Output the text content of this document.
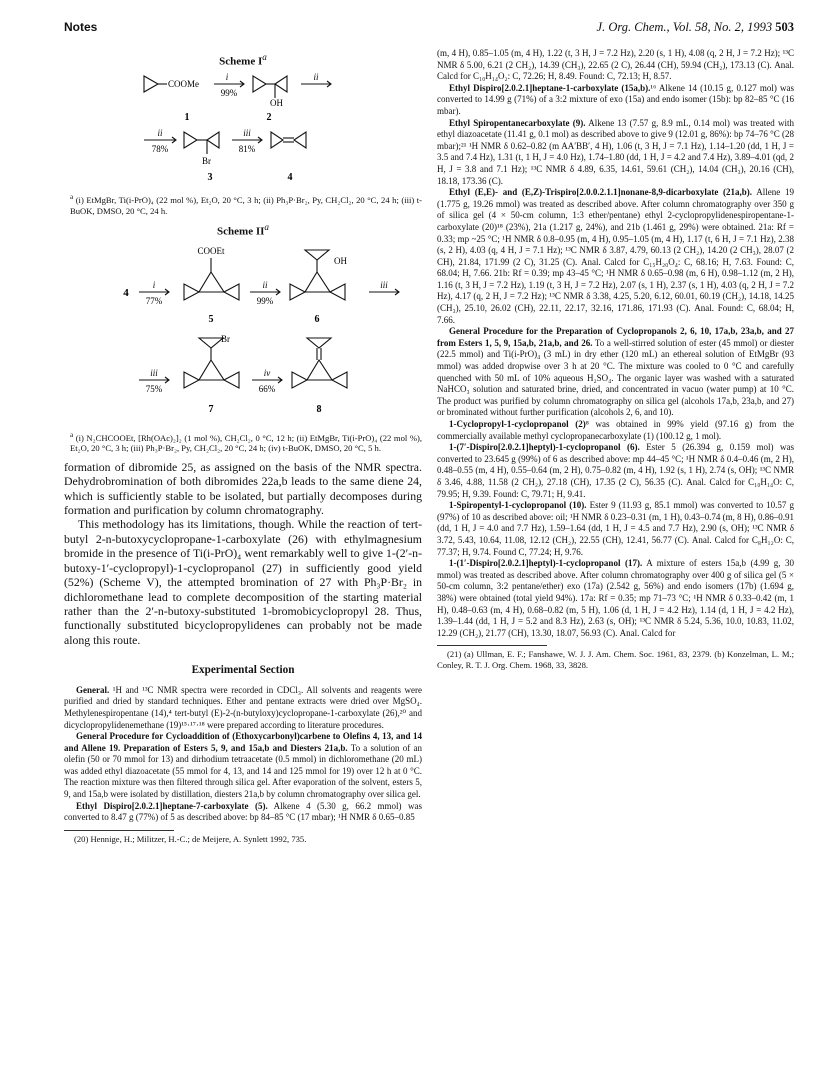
Notes	J. Org. Chem., Vol. 58, No. 2, 1993 503
Scheme $I^a$
COOMe
i
99%
OH
ii
1	2
ii
78%
Br
iii
81%
3	4
$^a$ (i) EtMgBr, Ti(i-PrO)₄ (22 mol %), Et₂O, 20 °C, 3 h; (ii) Ph₃P·Br₂, Py, CH₂Cl₂, 20 °C, 24 h; (iii) t-BuOK, DMSO, 20 °C, 24 h.
Scheme $II^a$
COOEt
OH
Br
4
i
77%
ii
99%
iii
5	6
iii
75%
iv
66%
7	8
$^a$ (i) N₂CHCOOEt, [Rh(OAc)₂]₂ (1 mol %), CH₂Cl₂, 0 °C, 12 h; (ii) EtMgBr, Ti(i-PrO)₄ (22 mol %), Et₂O, 20 °C, 3 h; (iii) Ph₃P·Br₂, Py, CH₂Cl₂, 20 °C, 24 h; (iv) t-BuOK, DMSO, 20 °C, 5 h.

formation of dibromide 25, as assigned on the basis of the NMR spectra. Dehydrobromination of both dibromides 22a,b leads to the same diene 24, which is sufficiently stable to be isolated, but partially decomposes during formation and purification by column chromatography.

This methodology has its limitations, though. While the reaction of tert-butyl 2-n-butoxycyclopropane-1-carboxylate (26) with ethylmagnesium bromide in the presence of Ti(i-PrO)₄ went remarkably well to give 1-(2′-n-butoxy-1′-cyclopropyl)-1-cyclopropanol (27) in sufficiently good yield (52%) (Scheme V), the attempted bromination of 27 with Ph₃P·Br₂ in dichloromethane lead to complete decomposition of the starting material rather than the 2′-n-butoxy-substituted 1-bromobicyclopropyl 28. Thus, functionally substituted bicyclopropylidenes can probably not be made along this route.

Experimental Section

General. ¹H and ¹³C NMR spectra were recorded in CDCl₃. All solvents and reagents were purified and dried by standard techniques. Ether and pentane extracts were dried over MgSO₄. Methylenespiropentane (14),⁴ tert-butyl (E)-2-(n-butyloxy)cyclopropane-1-carboxylate (26),²⁰ and dicyclopropylidenemethane (19)¹⁵·¹⁷·¹⁸ were prepared according to literature procedures.

General Procedure for Cycloaddition of (Ethoxycarbonyl)carbene to Olefins 4, 13, and 14 and Allene 19. Preparation of Esters 5, 9, and 15a,b and Diesters 21a,b. To a solution of an olefin (50 or 70 mmol for 13) and dirhodium tetraacetate (0.5 mmol) in dichloromethane (20 mL) was added ethyl diazoacetate (55 mmol for 4, 13, and 14 and 125 mmol for 19) over 12 h at 0 °C. The reaction mixture was then filtered through silica gel. After evaporation of the solvent, esters 5, 9, and 15a,b were isolated by distillation, diesters 21a,b by column chromatography over silica gel.

Ethyl Dispiro[2.0.2.1]heptane-7-carboxylate (5). Alkene 4 (5.30 g, 66.2 mmol) was converted to 8.47 g (77%) of 5 as described above: bp 84–85 °C (17 mbar); ¹H NMR δ 0.65–0.85

(20) Hennige, H.; Militzer, H.-C.; de Meijere, A. Synlett 1992, 735.

(m, 4 H), 0.85–1.05 (m, 4 H), 1.22 (t, 3 H, J = 7.2 Hz), 2.20 (s, 1 H), 4.08 (q, 2 H, J = 7.2 Hz); ¹³C NMR δ 5.00, 6.21 (2 CH₂), 14.39 (CH₃), 22.65 (2 C), 26.44 (CH), 59.94 (CH₂), 173.13 (C). Anal. Calcd for C₁₀H₁₄O₂: C, 72.26; H, 8.49. Found: C, 72.13; H, 8.57.

Ethyl Dispiro[2.0.2.1]heptane-1-carboxylate (15a,b).¹⁶ Alkene 14 (10.15 g, 0.127 mol) was converted to 14.99 g (71%) of a 3:2 mixture of exo (15a) and endo isomer (15b): bp 82–85 °C (16 mbar).

Ethyl Spiropentanecarboxylate (9). Alkene 13 (7.57 g, 8.9 mL, 0.14 mol) was treated with ethyl diazoacetate (11.41 g, 0.1 mol) as described above to give 9 (12.01 g, 86%): bp 74–76 °C (28 mbar);²¹ ¹H NMR δ 0.62–0.82 (m AA′BB′, 4 H), 1.06 (t, 3 H, J = 7.1 Hz), 1.14–1.20 (dd, 1 H, J = 3.5 and 7.4 Hz), 1.31 (t, 1 H, J = 4.0 Hz), 1.74–1.80 (dd, 1 H, J = 4.2 and 7.4 Hz), 3.89–4.01 (qd, 2 H, J = 3.8 and 7.1 Hz); ¹³C NMR δ 4.89, 6.35, 14.61, 59.61 (CH₂), 14.04 (CH₃), 20.16 (CH), 18.18, 173.36 (C).

Ethyl (E,E)- and (E,Z)-Trispiro[2.0.0.2.1.1]nonane-8,9-dicarboxylate (21a,b). Allene 19 (1.775 g, 19.26 mmol) was treated as described above. After column chromatography over 350 g of silica gel (4 × 50-cm column, 1:3 ether/pentane) ethyl 2-cyclopropylidenespiropentane-1-carboxylate (20)¹⁸ (23%), 21a (1.217 g, 24%), and 21b (1.461 g, 29%) were obtained. 21a: Rf = 0.33; mp ~25 °C; ¹H NMR δ 0.8–0.95 (m, 4 H), 0.95–1.05 (m, 4 H), 1.17 (t, 6 H, J = 7.1 Hz), 2.38 (s, 2 H), 4.03 (q, 4 H, J = 7.1 Hz); ¹³C NMR δ 3.87, 4.79, 60.13 (2 CH₂), 14.20 (2 CH₃), 28.07 (2 CH), 21.84, 171.99 (2 C), 31.25 (C). Anal. Calcd for C₁₅H₂₀O₄: C, 68.16; H, 7.63. Found: C, 68.04; H, 7.66. 21b: Rf = 0.39; mp 43–45 °C; ¹H NMR δ 0.65–0.98 (m, 6 H), 0.98–1.12 (m, 2 H), 1.16 (t, 3 H, J = 7.2 Hz), 1.19 (t, 3 H, J = 7.2 Hz), 2.07 (s, 1 H), 2.37 (s, 1 H), 4.03 (q, 2 H, J = 7.2 Hz), 4.17 (q, 2 H, J = 7.2 Hz); ¹³C NMR δ 3.38, 4.25, 5.20, 6.12, 60.01, 60.19 (CH₂), 14.18, 14.25 (CH₃), 25.10, 26.02 (CH), 22.11, 22.17, 32.16, 171.86, 171.93 (C). Anal. Found: C, 68.04; H, 7.66.

General Procedure for the Preparation of Cyclopropanols 2, 6, 10, 17a,b, 23a,b, and 27 from Esters 1, 5, 9, 15a,b, 21a,b, and 26. To a well-stirred solution of ester (45 mmol) or diester (22.5 mmol) and Ti(i-PrO)₄ (3 mL) in dry ether (120 mL) an ethereal solution of EtMgBr (93 mmol) was added dropwise over 3 h at 20 °C. The mixture was cooled to 0 °C and carefully quenched with 50 mL of 10% aqueous H₂SO₄. The organic layer was washed with a saturated NaHCO₃ solution and saturated brine, dried, and concentrated in vacuo (water pump) at 10 °C. The product was purified by column chromatography on silica gel (alcohols 17a,b, 23a,b, and 27) or brominated without further purification (alcohols 2, 6, and 10).

1-Cyclopropyl-1-cyclopropanol (2)⁸ was obtained in 99% yield (97.16 g) from the commercially available methyl cyclopropanecarboxylate (1) (100.12 g, 1 mol).

1-(7′-Dispiro[2.0.2.1]heptyl)-1-cyclopropanol (6). Ester 5 (26.394 g, 0.159 mol) was converted to 23.645 g (99%) of 6 as described above: mp 44–45 °C; ¹H NMR δ 0.4–0.46 (m, 2 H), 0.48–0.55 (m, 4 H), 0.55–0.64 (m, 2 H), 0.75–0.82 (m, 4 H), 1.92 (s, 1 H), 2.74 (s, OH); ¹³C NMR δ 3.46, 4.88, 11.58 (2 CH₂), 27.18 (CH), 17.35 (2 C), 56.35 (C). Anal. Calcd for C₁₀H₁₄O: C, 79.95; H, 9.39. Found: C, 79.71; H, 9.41.

1-Spiropentyl-1-cyclopropanol (10). Ester 9 (11.93 g, 85.1 mmol) was converted to 10.57 g (97%) of 10 as described above: oil; ¹H NMR δ 0.23–0.31 (m, 1 H), 0.43–0.74 (m, 8 H), 0.86–0.91 (dd, 1 H, J = 4.0 and 7.7 Hz), 1.59–1.64 (dd, 1 H, J = 4.5 and 7.7 Hz), 2.90 (s, OH); ¹³C NMR δ 3.72, 5.43, 10.64, 11.08, 12.12 (CH₂), 22.55 (CH), 12.41, 56.77 (C). Anal. Calcd for C₈H₁₂O: C, 77.37; H, 9.74. Found C, 77.24; H, 9.76.

1-(1′-Dispiro[2.0.2.1]heptyl)-1-cyclopropanol (17). A mixture of esters 15a,b (4.99 g, 30 mmol) was treated as described above. After column chromatography over 400 g of silica gel (5 × 50-cm column, 3:2 pentane/ether) exo (17a) (2.542 g, 56%) and endo isomers (17b) (1.694 g, 38%) were obtained (total yield 94%). 17a: Rf = 0.35; mp 71–73 °C; ¹H NMR δ 0.33–0.42 (m, 1 H), 0.48–0.63 (m, 4 H), 0.68–0.82 (m, 5 H), 1.06 (d, 1 H, J = 4.2 Hz), 1.14 (d, 1 H, J = 4.2 Hz), 1.39–1.44 (dd, 1 H, J = 5.2 and 8.3 Hz), 2.63 (s, OH); ¹³C NMR δ 5.24, 5.36, 10.0, 10.83, 11.02, 12.29 (CH₂), 21.77 (CH), 13.30, 18.07, 56.93 (C). Anal. Calcd for

(21) (a) Ullman, E. F.; Fanshawe, W. J. J. Am. Chem. Soc. 1961, 83, 2379. (b) Konzelman, L. M.; Conley, R. T. J. Org. Chem. 1968, 33, 3828.
